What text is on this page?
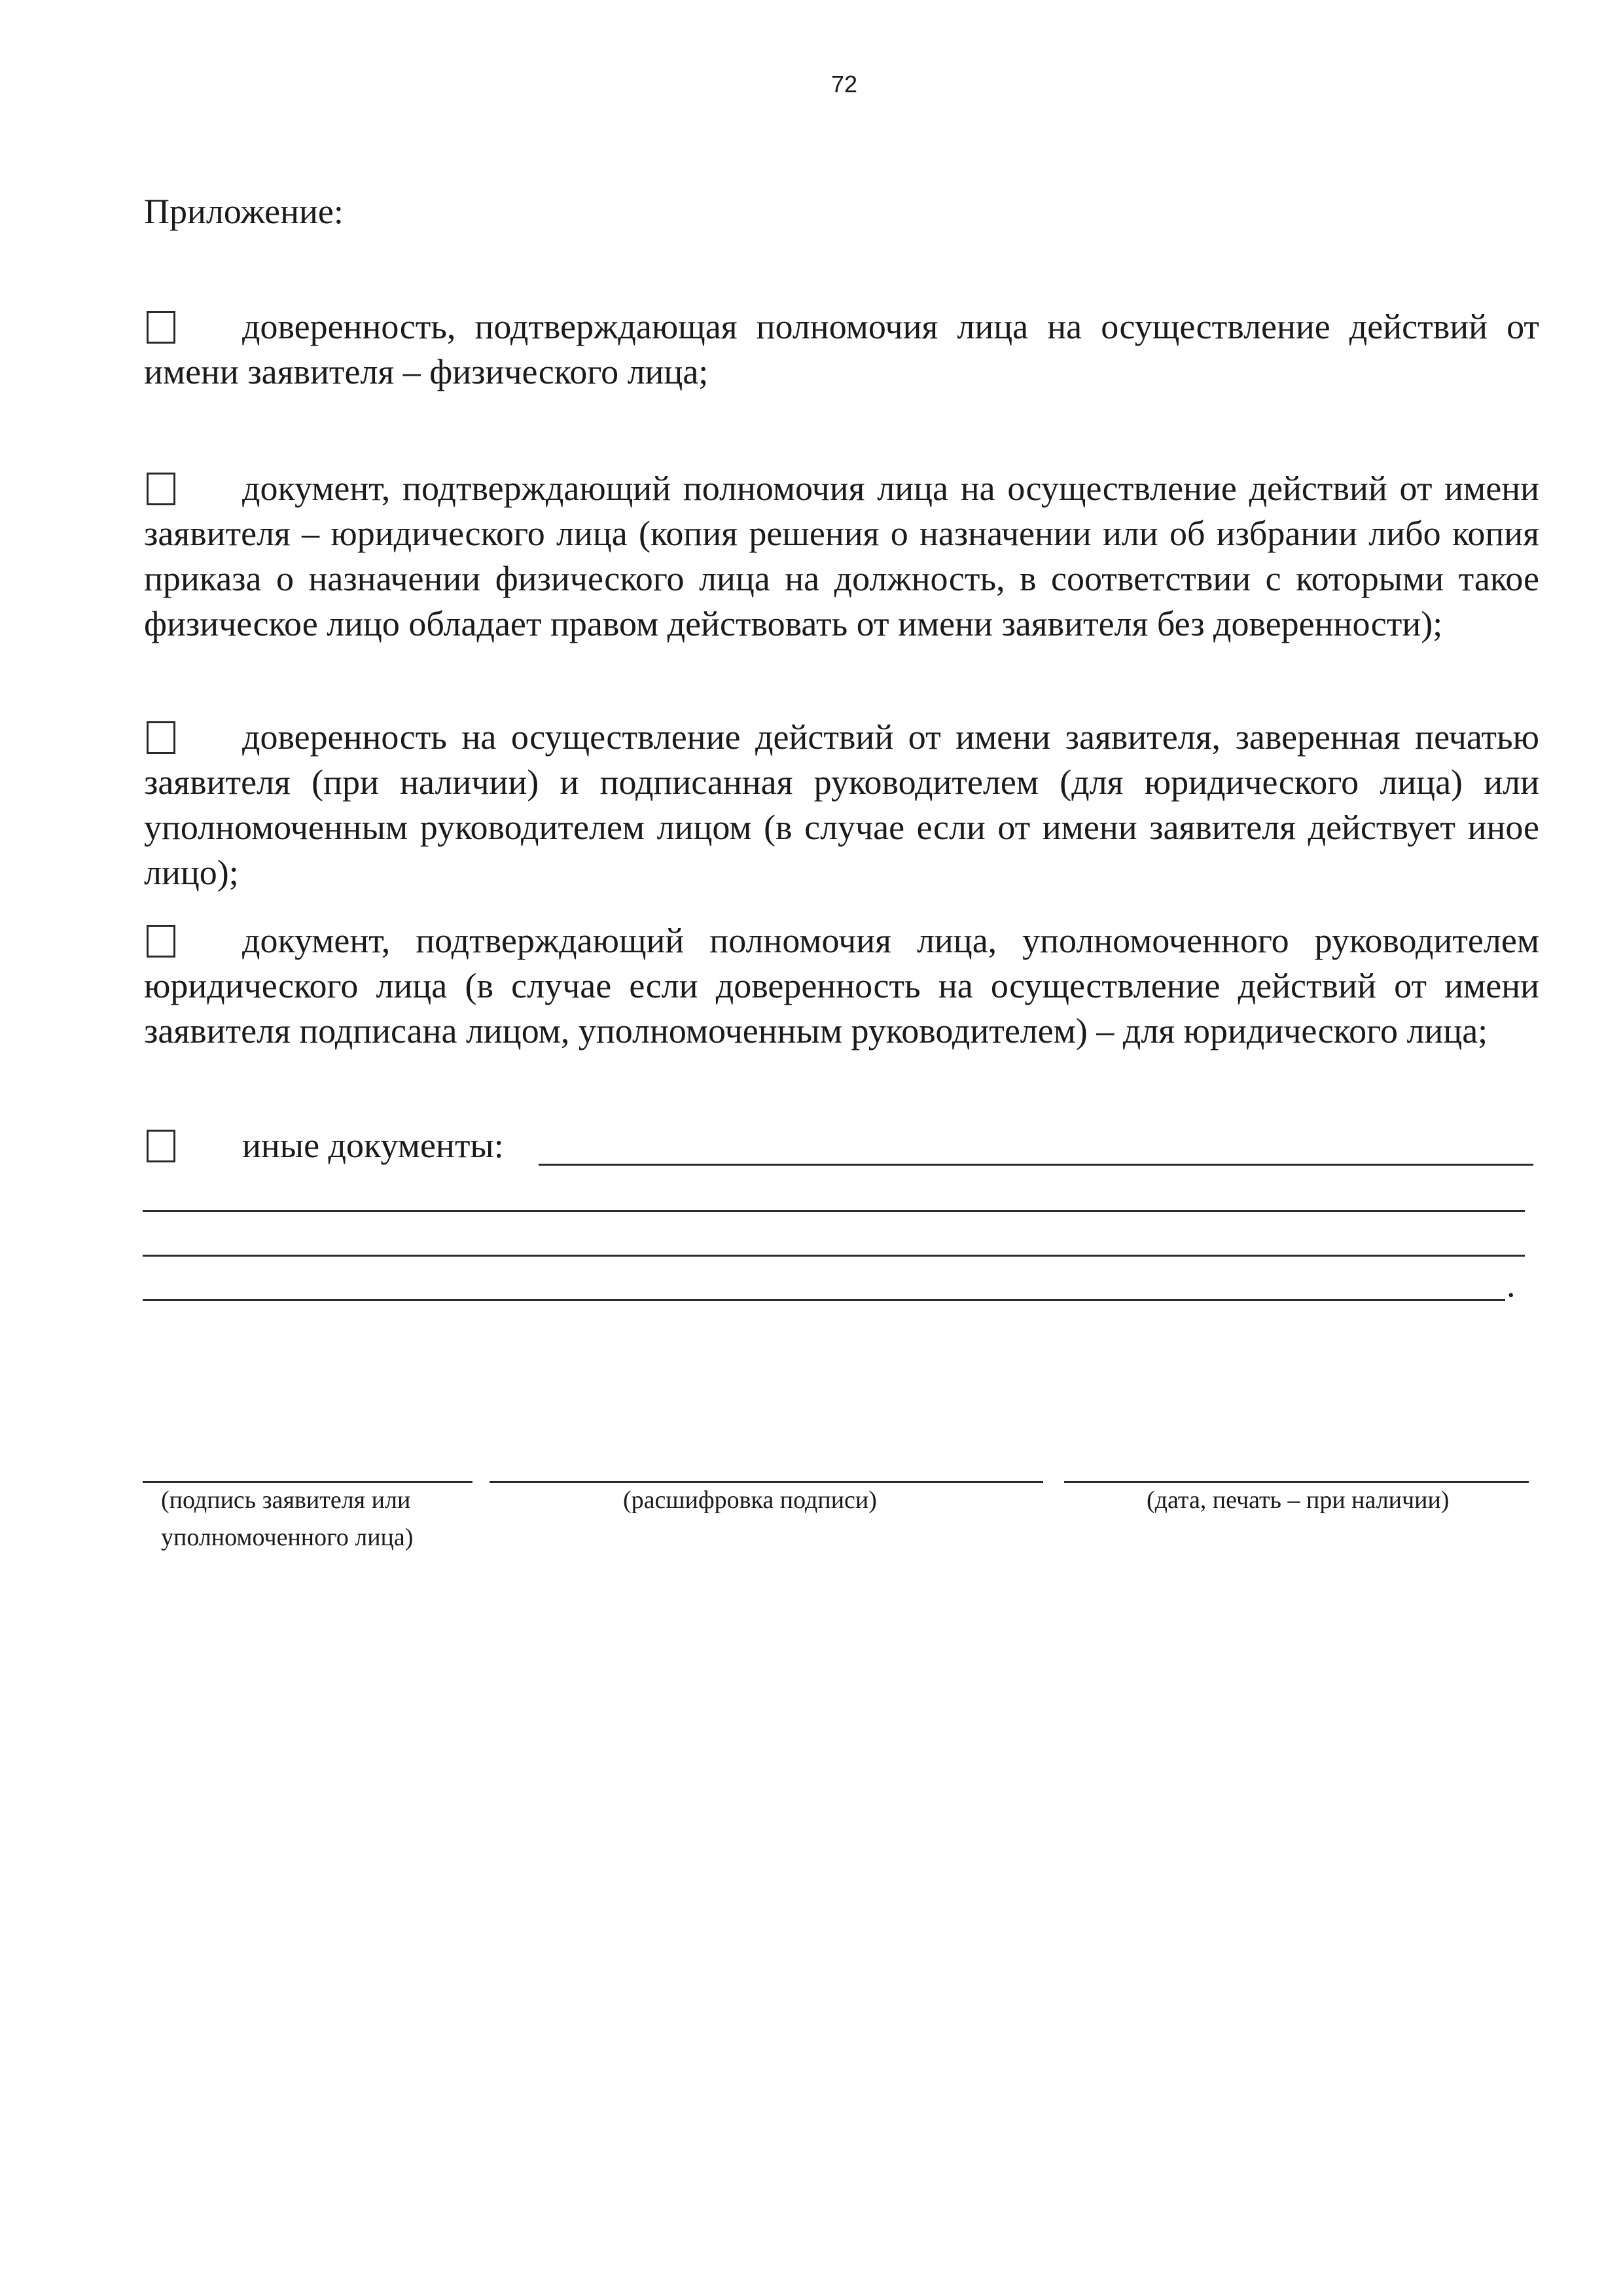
72
Приложение:

доверенность, подтверждающая полномочия лица на осуществление действий от имени заявителя – физического лица;

документ, подтверждающий полномочия лица на осуществление действий от имени заявителя – юридического лица (копия решения о назначении или об избрании либо копия приказа о назначении физического лица на должность, в соответствии с которыми такое физическое лицо обладает правом действовать от имени заявителя без доверенности);

доверенность на осуществление действий от имени заявителя, заверенная печатью заявителя (при наличии) и подписанная руководителем (для юридического лица) или уполномоченным руководителем лицом (в случае если от имени заявителя действует иное лицо);

документ, подтверждающий полномочия лица, уполномоченного руководителем юридического лица (в случае если доверенность на осуществление действий от имени заявителя подписана лицом, уполномоченным руководителем) – для юридического лица;

иные документы:
.
(подпись заявителя или уполномоченного лица)
(расшифровка подписи)	(дата, печать – при наличии)
